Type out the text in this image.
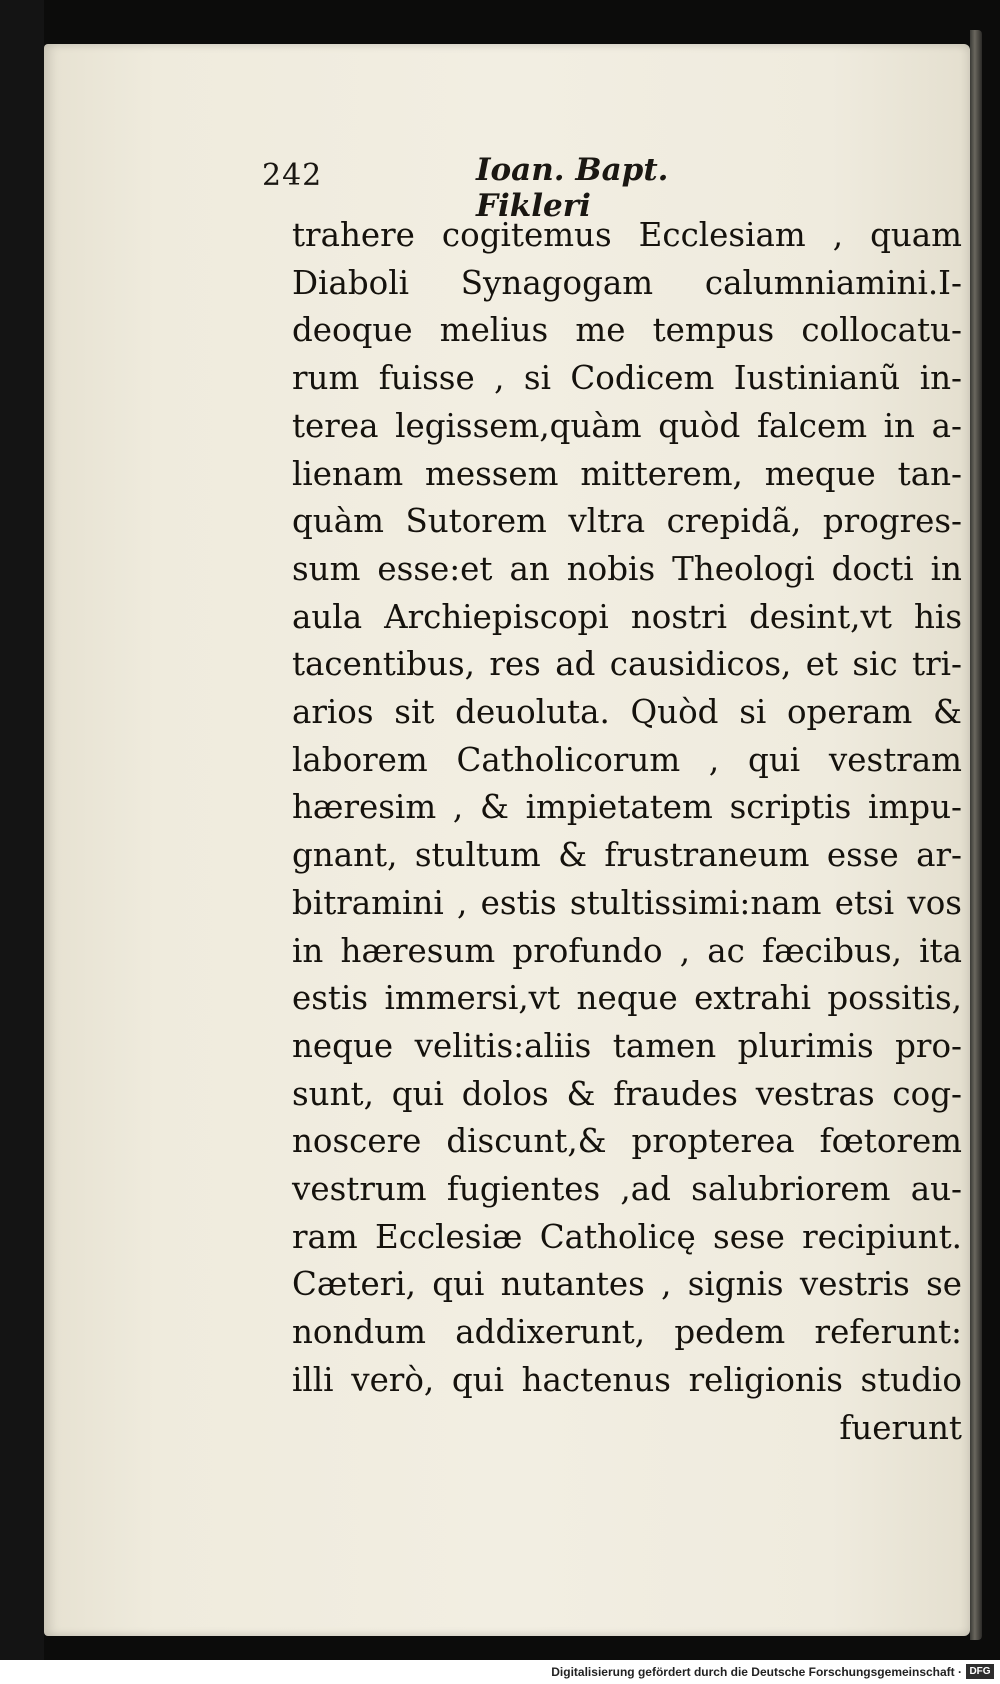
242	Ioan. Bapt. Fikleri
trahere cogitemus Ecclesiam , quam
Diaboli Synagogam calumniamini.I-
deoque melius me tempus collocatu-
rum fuisse , si Codicem Iustinianũ in-
terea legissem,quàm quòd falcem in a-
lienam messem mitterem, meque tan-
quàm Sutorem vltra crepidã, progres-
sum esse:et an nobis Theologi docti in
aula Archiepiscopi nostri desint,vt his
tacentibus, res ad causidicos, et sic tri-
arios sit deuoluta. Quòd si operam &
laborem Catholicorum , qui vestram
hæresim , & impietatem scriptis impu-
gnant, stultum & frustraneum esse ar-
bitramini , estis stultissimi:nam etsi vos
in hæresum profundo , ac fæcibus, ita
estis immersi,vt neque extrahi possitis,
neque velitis:aliis tamen plurimis pro-
sunt, qui dolos & fraudes vestras cog-
noscere discunt,& propterea fœtorem
vestrum fugientes ,ad salubriorem au-
ram Ecclesiæ Catholicę sese recipiunt.
Cæteri, qui nutantes , signis vestris se
nondum addixerunt, pedem referunt:
illi verò, qui hactenus religionis studio
fuerunt
Digitalisierung gefördert durch die Deutsche Forschungsgemeinschaft · DFG
